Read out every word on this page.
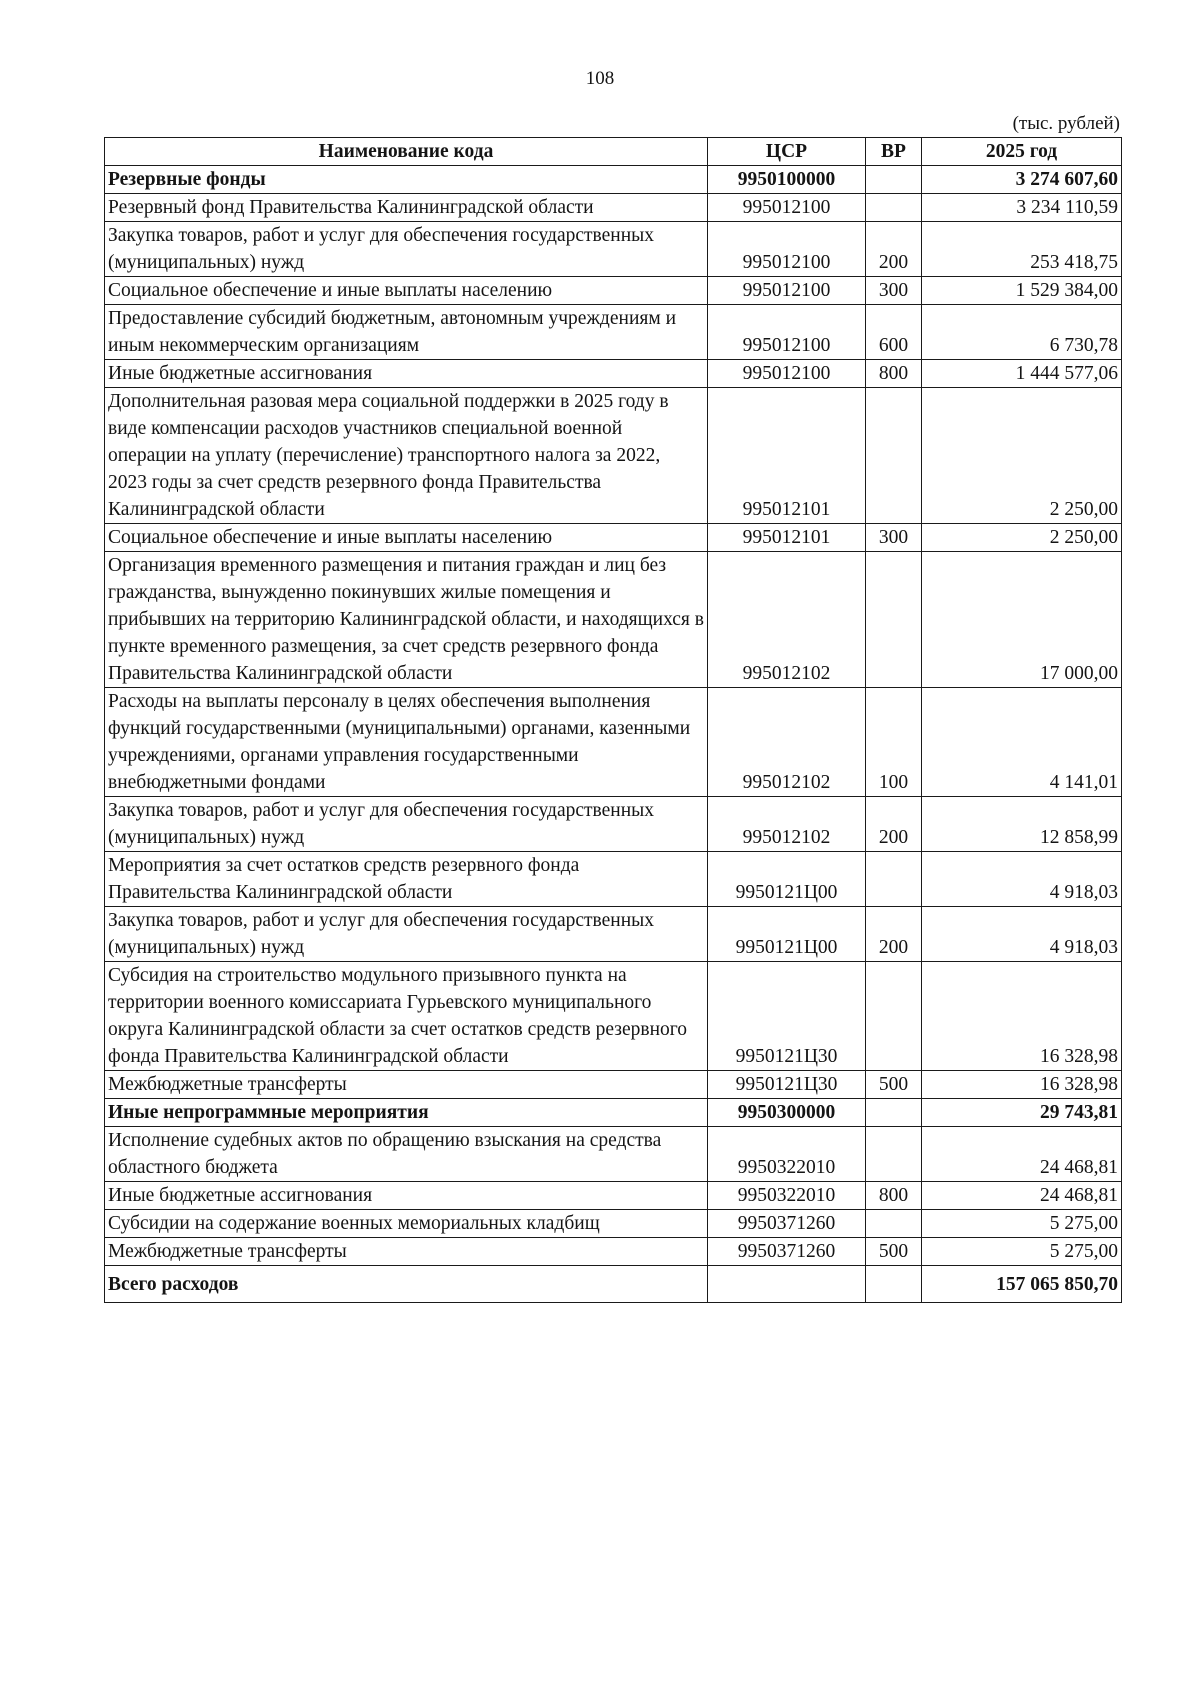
108
(тыс. рублей)
Наименование кода	ЦСР	ВР	2025 год
Резервные фонды	9950100000		3 274 607,60
Резервный фонд Правительства Калининградской области	995012100		3 234 110,59
Закупка товаров, работ и услуг для обеспечения государственных (муниципальных) нужд	995012100	200	253 418,75
Социальное обеспечение и иные выплаты населению	995012100	300	1 529 384,00
Предоставление субсидий бюджетным, автономным учреждениям и иным некоммерческим организациям	995012100	600	6 730,78
Иные бюджетные ассигнования	995012100	800	1 444 577,06
Дополнительная разовая мера социальной поддержки в 2025 году в виде компенсации расходов участников специальной военной операции на уплату (перечисление) транспортного налога за 2022, 2023 годы за счет средств резервного фонда Правительства Калининградской области	995012101		2 250,00
Социальное обеспечение и иные выплаты населению	995012101	300	2 250,00
Организация временного размещения и питания граждан и лиц без гражданства, вынужденно покинувших жилые помещения и прибывших на территорию Калининградской области, и находящихся в пункте временного размещения, за счет средств резервного фонда Правительства Калининградской области	995012102		17 000,00
Расходы на выплаты персоналу в целях обеспечения выполнения функций государственными (муниципальными) органами, казенными учреждениями, органами управления государственными внебюджетными фондами	995012102	100	4 141,01
Закупка товаров, работ и услуг для обеспечения государственных (муниципальных) нужд	995012102	200	12 858,99
Мероприятия за счет остатков средств резервного фонда Правительства Калининградской области	9950121Ц00		4 918,03
Закупка товаров, работ и услуг для обеспечения государственных (муниципальных) нужд	9950121Ц00	200	4 918,03
Субсидия на строительство модульного призывного пункта на территории военного комиссариата Гурьевского муниципального округа Калининградской области за счет остатков средств резервного фонда Правительства Калининградской области	9950121Ц30		16 328,98
Межбюджетные трансферты	9950121Ц30	500	16 328,98
Иные непрограммные мероприятия	9950300000		29 743,81
Исполнение судебных актов по обращению взыскания на средства областного бюджета	9950322010		24 468,81
Иные бюджетные ассигнования	9950322010	800	24 468,81
Субсидии на содержание военных мемориальных кладбищ	9950371260		5 275,00
Межбюджетные трансферты	9950371260	500	5 275,00
Всего расходов			157 065 850,70
